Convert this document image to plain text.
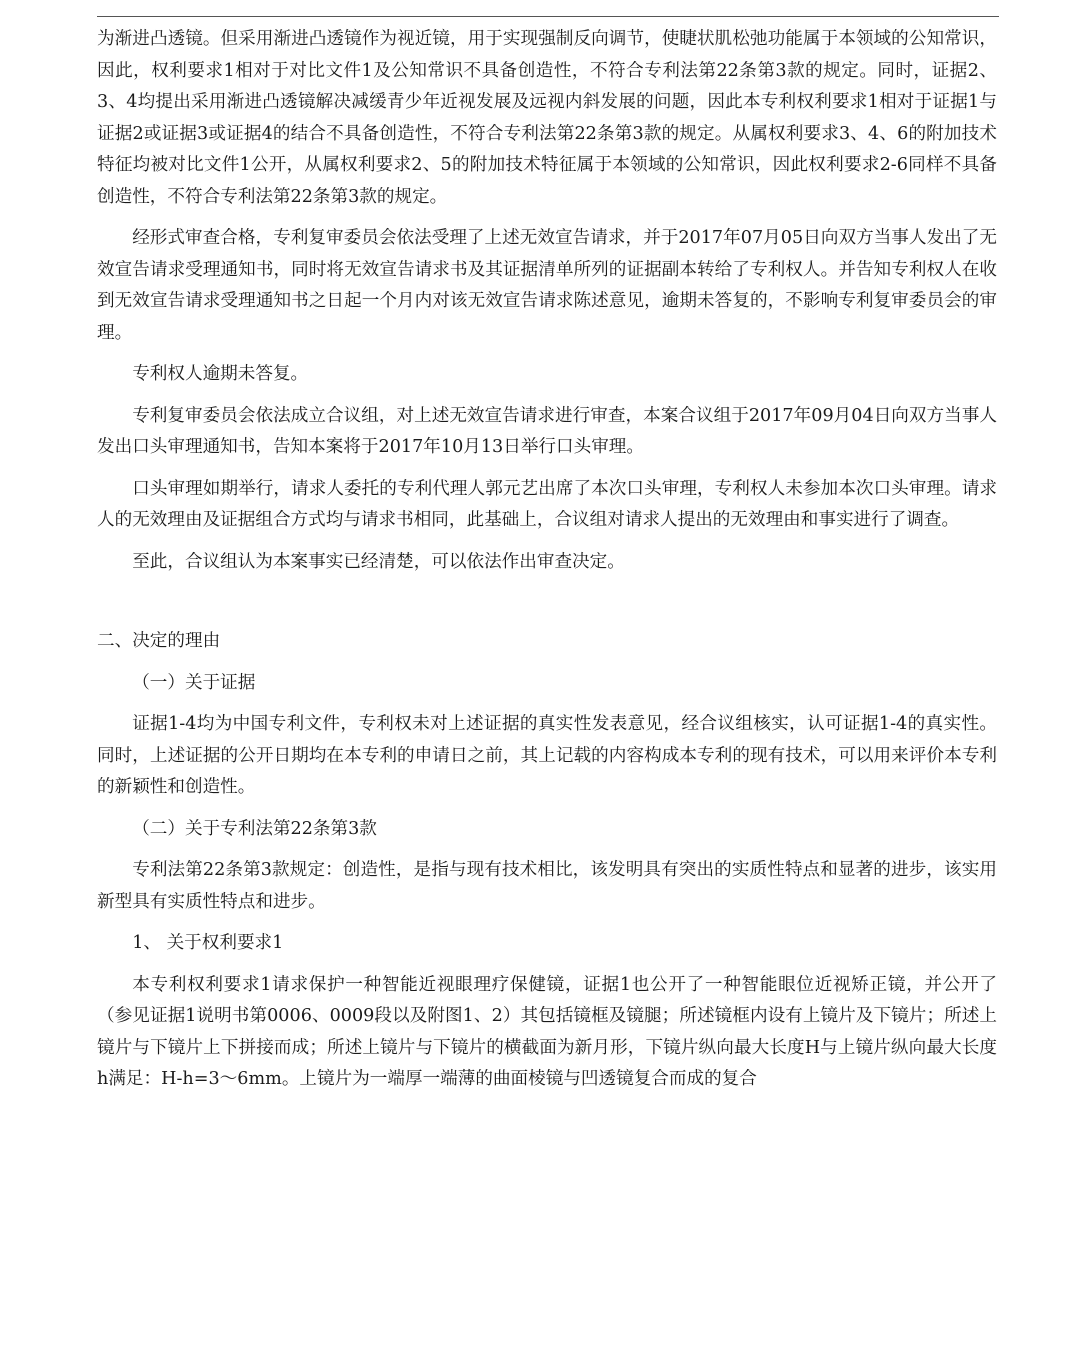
为渐进凸透镜。但采用渐进凸透镜作为视近镜，用于实现强制反向调节，使睫状肌松弛功能属于本领域的公知常识， 因此，权利要求1相对于对比文件1及公知常识不具备创造性，不符合专利法第22条第3款的规定。同时，证据2、3、4均提出采用渐进凸透镜解决减缓青少年近视发展及远视内斜发展的问题，因此本专利权利要求1相对于证据1与证据2或证据3或证据4的结合不具备创造性，不符合专利法第22条第3款的规定。从属权利要求3、4、6的附加技术特征均被对比文件1公开，从属权利要求2、5的附加技术特征属于本领域的公知常识，因此权利要求2-6同样不具备创造性，不符合专利法第22条第3款的规定。

经形式审查合格，专利复审委员会依法受理了上述无效宣告请求，并于2017年07月05日向双方当事人发出了无效宣告请求受理通知书，同时将无效宣告请求书及其证据清单所列的证据副本转给了专利权人。并告知专利权人在收到无效宣告请求受理通知书之日起一个月内对该无效宣告请求陈述意见，逾期未答复的，不影响专利复审委员会的审理。

专利权人逾期未答复。

专利复审委员会依法成立合议组，对上述无效宣告请求进行审查，本案合议组于2017年09月04日向双方当事人发出口头审理通知书，告知本案将于2017年10月13日举行口头审理。

口头审理如期举行，请求人委托的专利代理人郭元艺出席了本次口头审理，专利权人未参加本次口头审理。请求人的无效理由及证据组合方式均与请求书相同，此基础上，合议组对请求人提出的无效理由和事实进行了调查。

至此，合议组认为本案事实已经清楚，可以依法作出审查决定。

二、决定的理由

（一）关于证据

证据1-4均为中国专利文件，专利权未对上述证据的真实性发表意见，经合议组核实，认可证据1-4的真实性。同时，上述证据的公开日期均在本专利的申请日之前，其上记载的内容构成本专利的现有技术，可以用来评价本专利的新颖性和创造性。

（二）关于专利法第22条第3款

专利法第22条第3款规定：创造性，是指与现有技术相比，该发明具有突出的实质性特点和显著的进步，该实用新型具有实质性特点和进步。

1、 关于权利要求1

本专利权利要求1请求保护一种智能近视眼理疗保健镜，证据1也公开了一种智能眼位近视矫正镜，并公开了（参见证据1说明书第0006、0009段以及附图1、2）其包括镜框及镜腿；所述镜框内设有上镜片及下镜片；所述上镜片与下镜片上下拼接而成；所述上镜片与下镜片的横截面为新月形，下镜片纵向最大长度H与上镜片纵向最大长度h满足：H-h=3～6mm。上镜片为一端厚一端薄的曲面棱镜与凹透镜复合而成的复合
